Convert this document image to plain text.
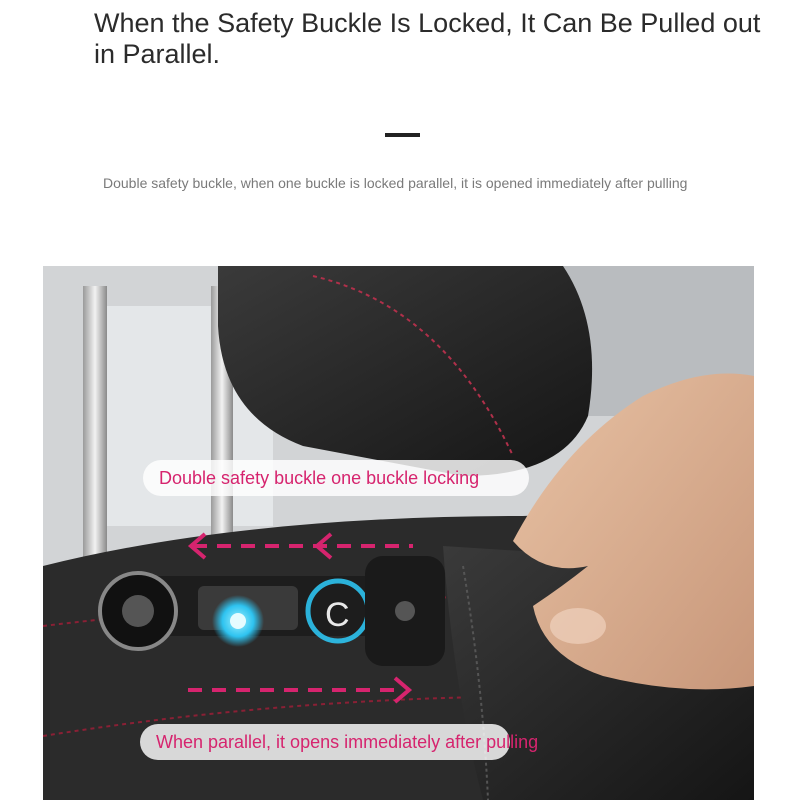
When the Safety Buckle Is Locked, It Can Be Pulled out in Parallel.
Double safety buckle, when one buckle is locked parallel, it is opened immediately after pulling
C
Double safety buckle one buckle locking
When parallel, it opens immediately after pulling
